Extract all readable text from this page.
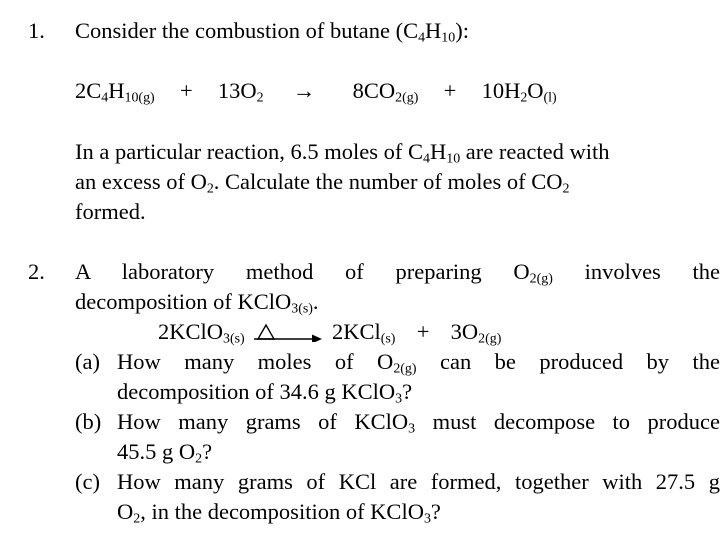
1. Consider the combustion of butane $(C_4H_{10})$:
$2C_4H_{10(g)} + 13O_2 \to 8CO_{2(g)} + 10H_2O_{(l)}$
In a particular reaction, 6.5 moles of $C_4H_{10}$ are reacted with
an excess of $O_2$. Calculate the number of moles of $CO_2$
formed.
2. A laboratory method of preparing $O_{2(g)}$ involves the
decomposition of KClO$_{3(s)}$.
2KClO$_{3(s)}$	$2KCl_{(s)} + 3O_{2(g)}$
(a) How many moles of $O_{2(g)}$ can be produced by the
decomposition of 34.6 g KClO$_3$?
(b) How many grams of KClO$_3$ must decompose to produce
45.5 g $O_2$?
(c) How many grams of KCl are formed, together with 27.5 g
$O_2$, in the decomposition of KClO$_3$?
